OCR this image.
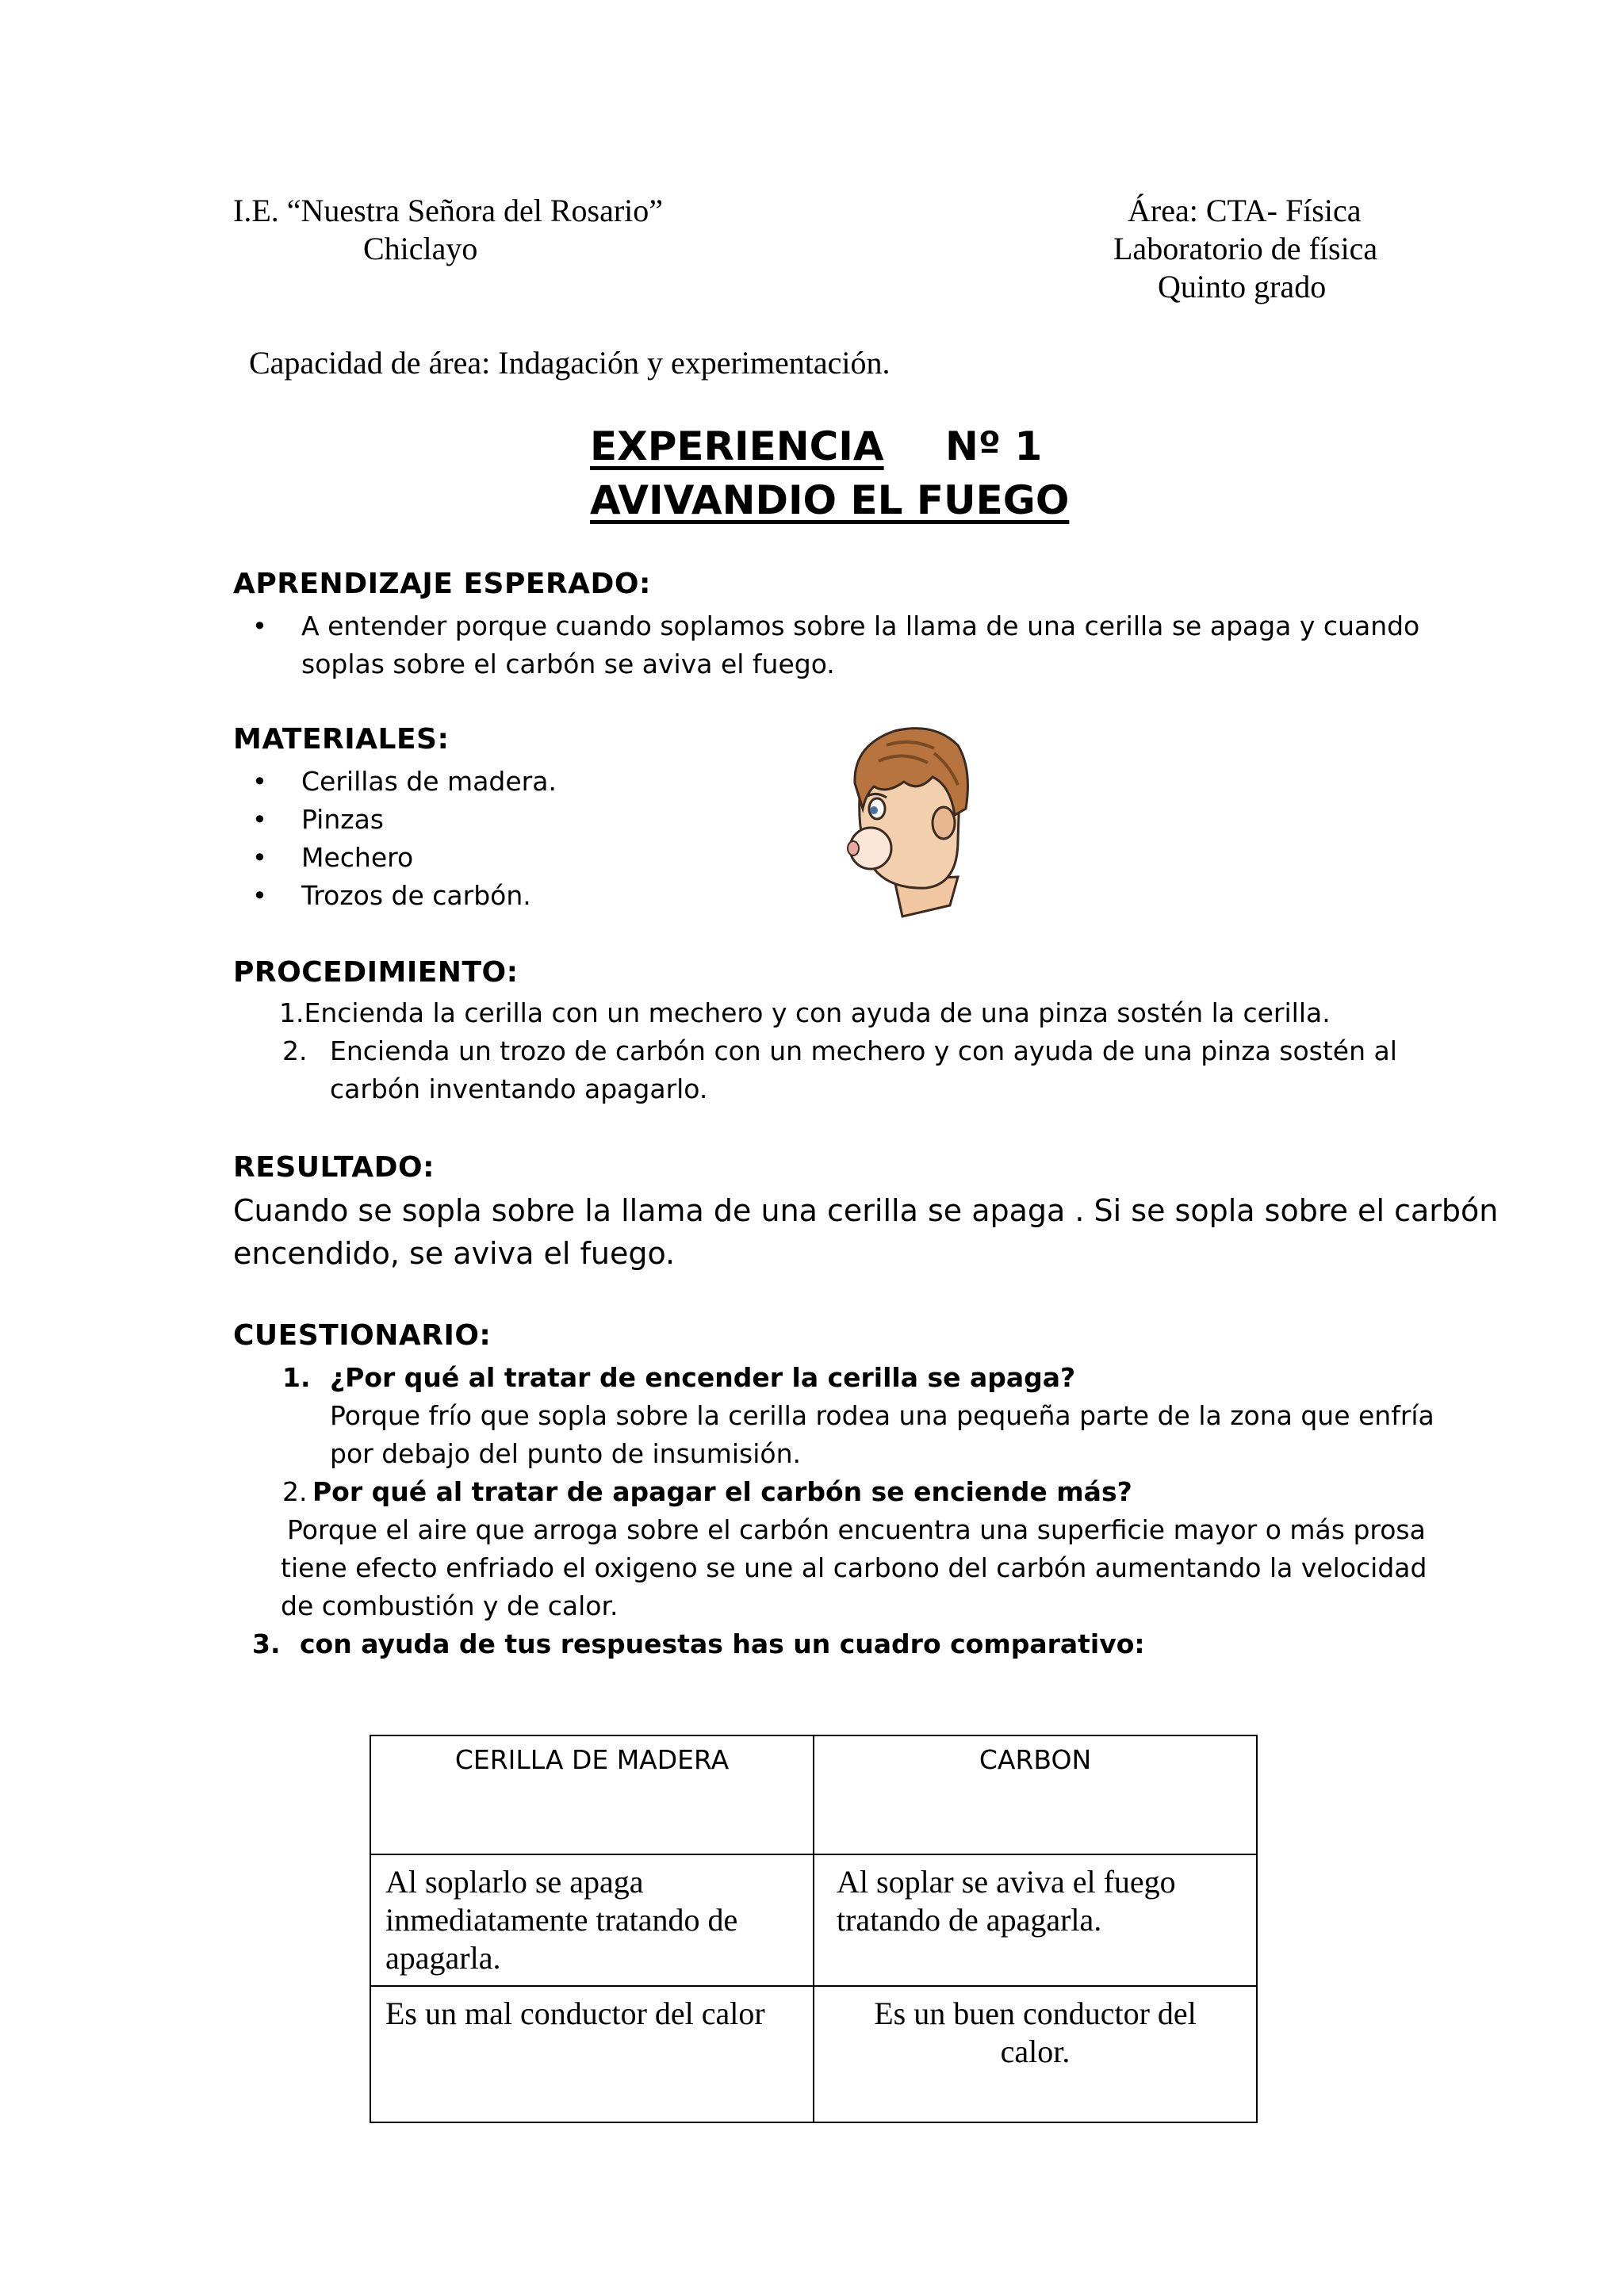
I.E. “Nuestra Señora del Rosario”
Chiclayo
Área: CTA- Física
Laboratorio de física
Quinto grado
Capacidad de área: Indagación y experimentación.
EXPERIENCIA Nº 1
AVIVANDIO EL FUEGO
APRENDIZAJE ESPERADO:
• A entender porque cuando soplamos sobre la llama de una cerilla se apaga y cuando
soplas sobre el carbón se aviva el fuego.
MATERIALES:
• Cerillas de madera.
• Pinzas
• Mechero
• Trozos de carbón.
PROCEDIMIENTO:
1.Encienda la cerilla con un mechero y con ayuda de una pinza sostén la cerilla.
2. Encienda un trozo de carbón con un mechero y con ayuda de una pinza sostén al
carbón inventando apagarlo.
RESULTADO:
Cuando se sopla sobre la llama de una cerilla se apaga . Si se sopla sobre el carbón
encendido, se aviva el fuego.
CUESTIONARIO:
1. ¿Por qué al tratar de encender la cerilla se apaga?
Porque frío que sopla sobre la cerilla rodea una pequeña parte de la zona que enfría
por debajo del punto de insumisión.
2. Por qué al tratar de apagar el carbón se enciende más?
Porque el aire que arroga sobre el carbón encuentra una superficie mayor o más prosa
tiene efecto enfriado el oxigeno se une al carbono del carbón aumentando la velocidad
de combustión y de calor.
3. con ayuda de tus respuestas has un cuadro comparativo:
CERILLA DE MADERA	CARBON
Al soplarlo se apaga inmediatamente tratando de apagarla.	Al soplar se aviva el fuego tratando de apagarla.
Es un mal conductor del calor	Es un buen conductor del calor.
